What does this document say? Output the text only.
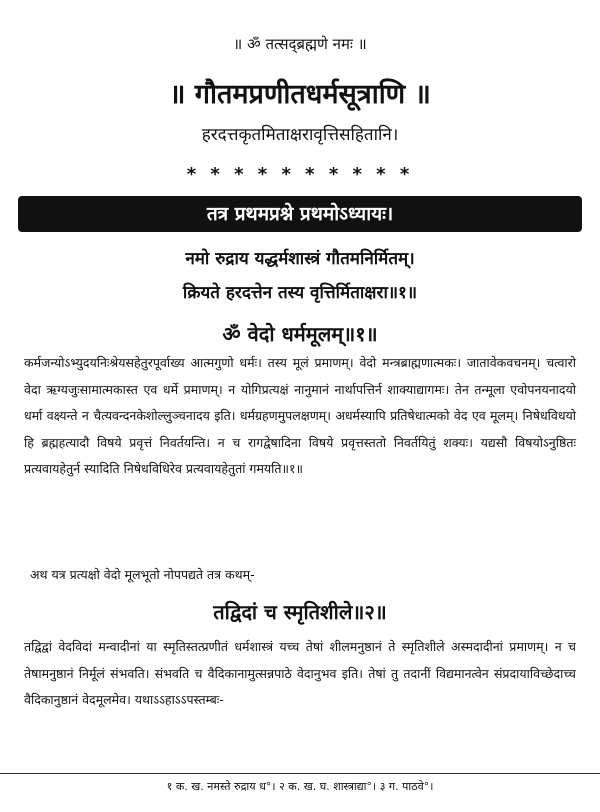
॥ ॐ तत्सद्ब्रह्मणे नमः ॥
॥ गौतमप्रणीतधर्मसूत्राणि ॥
हरदत्तकृतमिताक्षरावृत्तिसहितानि।
* * * * * * * * * *
तत्र प्रथमप्रश्ने प्रथमोऽध्यायः।
नमो रुद्राय यद्धर्मशास्त्रं गौतमनिर्मितम्।
क्रियते हरदत्तेन तस्य वृत्तिर्मिताक्षरा॥१॥
ॐ वेदो धर्ममूलम्॥१॥
कर्मजन्योऽभ्युदयनिःश्रेयसहेतुरपूर्वाख्य आत्मगुणो धर्मः। तस्य मूलं प्रमाणम्। वेदो मन्त्रब्राह्मणात्मकः। जातावेकवचनम्। चत्वारो वेदा ऋग्यजुःसामात्मकास्त एव धर्मे प्रमाणम्। न योगिप्रत्यक्षं नानुमानं नार्थापत्तिर्न शाक्याद्यागमः। तेन तन्मूला एवोपनयनादयो धर्मा वक्ष्यन्ते न चैत्यवन्दनकेशोल्लुञ्चनादय इति। धर्मग्रहणमुपलक्षणम्। अधर्मस्यापि प्रतिषेधात्मको वेद एव मूलम्। निषेधविधयो हि ब्रह्महत्यादौ विषये प्रवृत्तं निवर्तयन्ति। न च रागद्वेषादिना विषये प्रवृत्तस्ततो निवर्तयितुं शक्यः। यद्यसौ विषयोऽनुष्ठितः प्रत्यवायहेतुर्न स्यादिति निषेधविधिरेव प्रत्यवायहेतुतां गमयति॥१॥
अथ यत्र प्रत्यक्षो वेदो मूलभूतो नोपपद्यते तत्र कथम्-
तद्विदां च स्मृतिशीले॥२॥
तद्विद्वां वेदविदां मन्वादीनां या स्मृतिस्तत्प्रणीतं धर्मशास्त्रं यच्च तेषां शीलमनुष्ठानं ते स्मृतिशीले अस्मदादीनां प्रमाणम्। न च तेषामनुष्ठानं निर्मूलं संभवति। संभवति च वैदिकानामुत्सन्नपाठे वेदानुभव इति। तेषां तु तदानीं विद्यमानत्वेन संप्रदायाविच्छेदाच्च वैदिकानुष्ठानं वेदमूलमेव। यथाऽऽहाऽऽपस्तम्बः-
१ क. ख. नमस्ते रुद्राय ध°। २ क. ख. घ. शास्त्राद्या°। ३ ग. पाठवे°।
